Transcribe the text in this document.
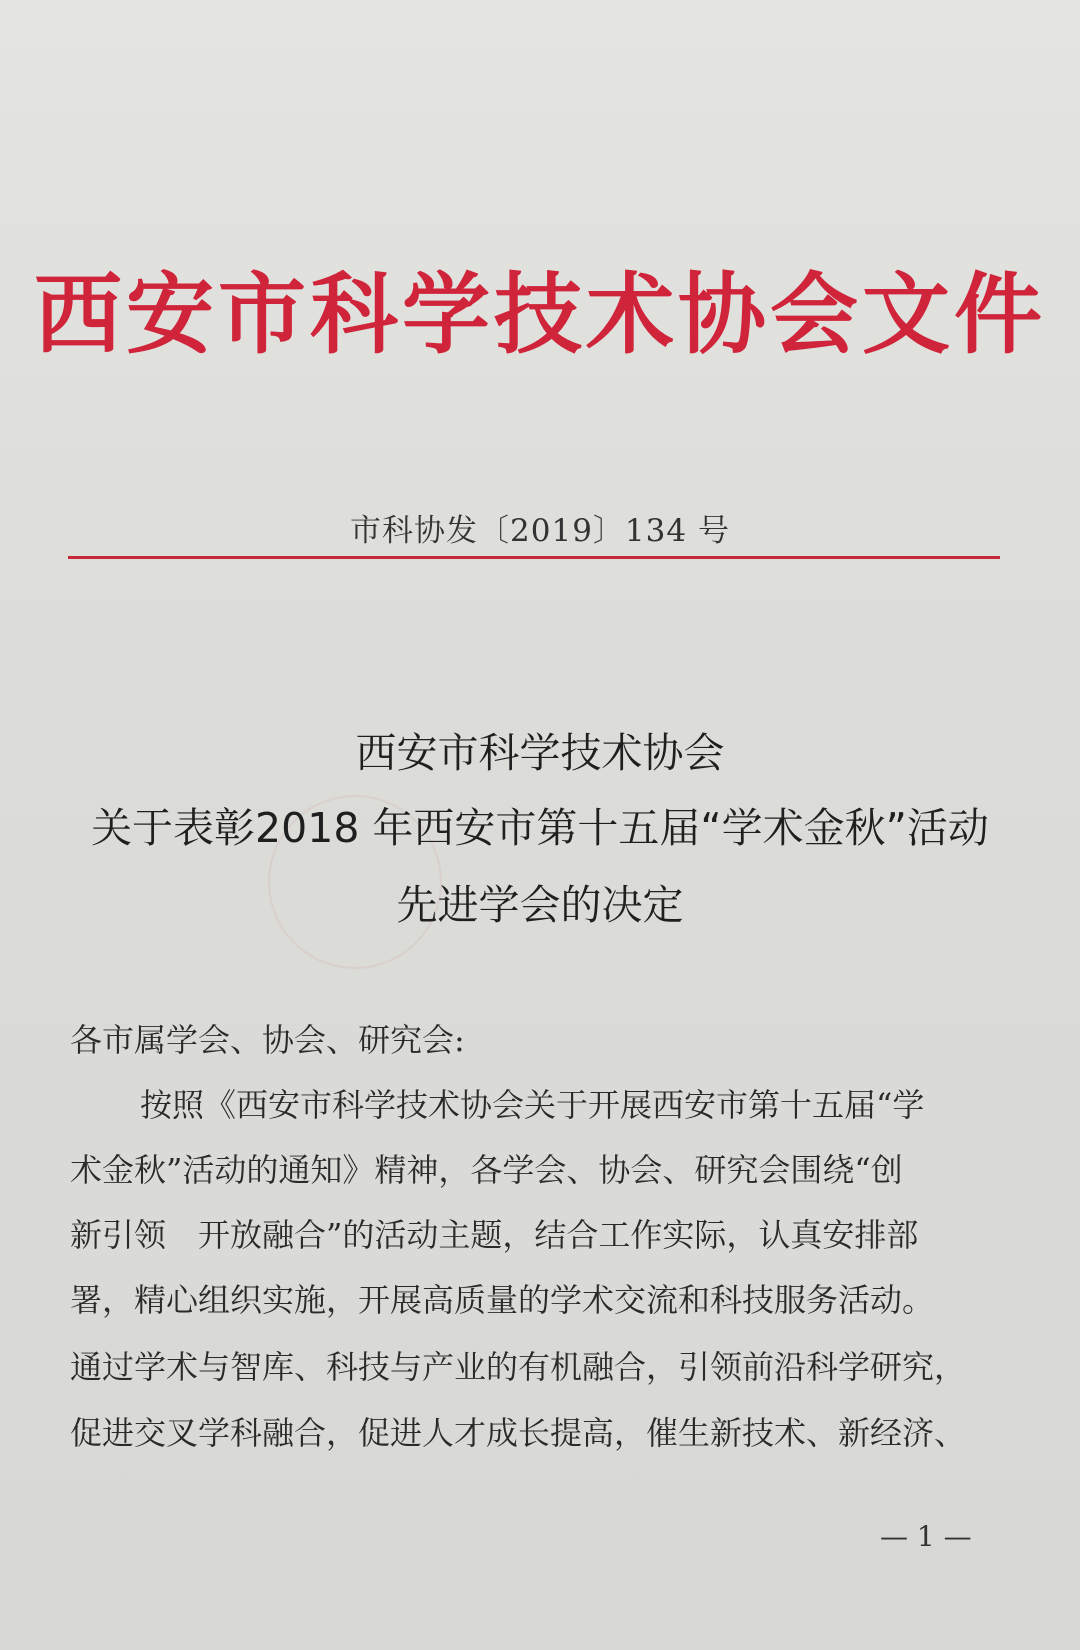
西安市科学技术协会文件
市科协发〔2019〕134 号
西安市科学技术协会
关于表彰2018 年西安市第十五届“学术金秋”活动
先进学会的决定
各市属学会、协会、研究会:
按照《西安市科学技术协会关于开展西安市第十五届“学
术金秋”活动的通知》精神，各学会、协会、研究会围绕“创
新引领　开放融合”的活动主题，结合工作实际，认真安排部
署，精心组织实施，开展高质量的学术交流和科技服务活动。
通过学术与智库、科技与产业的有机融合，引领前沿科学研究，
促进交叉学科融合，促进人才成长提高，催生新技术、新经济、
— 1 —
